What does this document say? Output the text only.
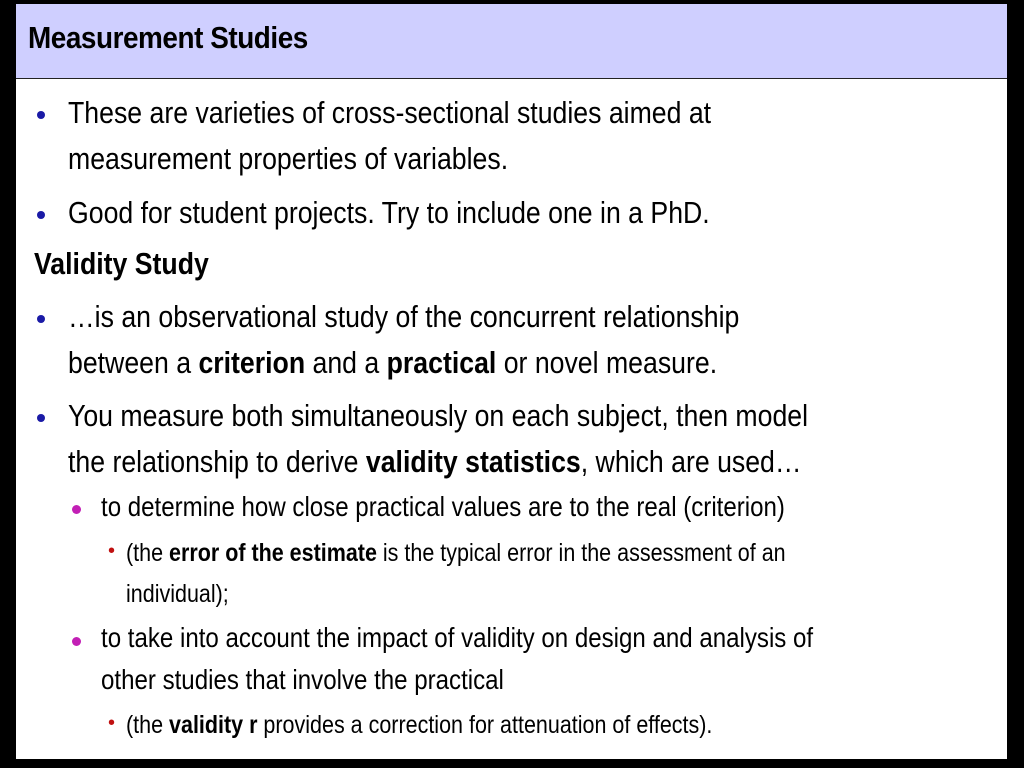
Measurement Studies
These are varieties of cross-sectional studies aimed at
measurement properties of variables.
Good for student projects. Try to include one in a PhD.
Validity Study
…is an observational study of the concurrent relationship
between a criterion and a practical or novel measure.
You measure both simultaneously on each subject, then model
the relationship to derive validity statistics, which are used…
to determine how close practical values are to the real (criterion)
• (the error of the estimate is the typical error in the assessment of an
individual);
to take into account the impact of validity on design and analysis of
other studies that involve the practical
• (the validity r provides a correction for attenuation of effects).
